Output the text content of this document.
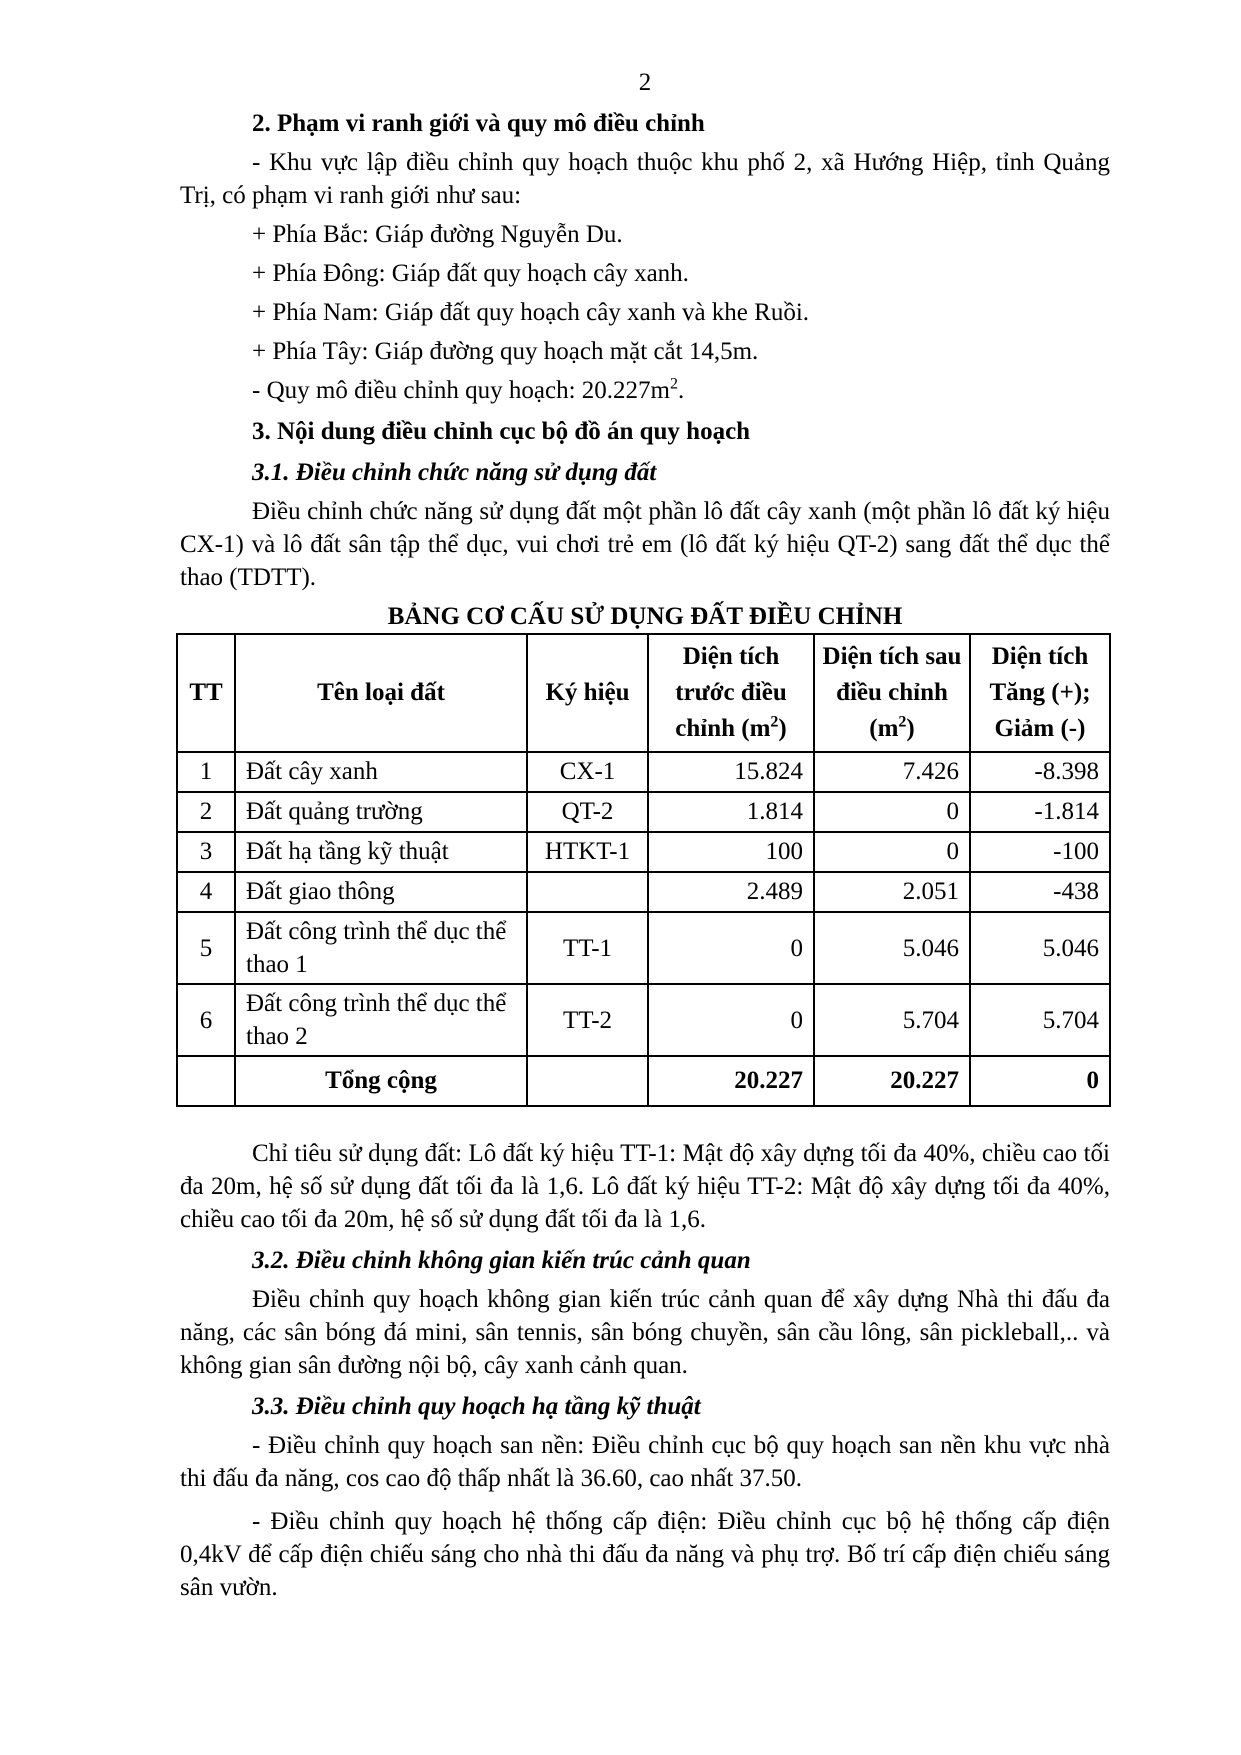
2
2. Phạm vi ranh giới và quy mô điều chỉnh
- Khu vực lập điều chỉnh quy hoạch thuộc khu phố 2, xã Hướng Hiệp, tỉnh Quảng Trị, có phạm vi ranh giới như sau:
+ Phía Bắc: Giáp đường Nguyễn Du.
+ Phía Đông: Giáp đất quy hoạch cây xanh.
+ Phía Nam: Giáp đất quy hoạch cây xanh và khe Ruồi.
+ Phía Tây: Giáp đường quy hoạch mặt cắt 14,5m.
- Quy mô điều chỉnh quy hoạch: $20.227m^2$.
3. Nội dung điều chỉnh cục bộ đồ án quy hoạch
3.1. Điều chỉnh chức năng sử dụng đất
Điều chỉnh chức năng sử dụng đất một phần lô đất cây xanh (một phần lô đất ký hiệu CX-1) và lô đất sân tập thể dục, vui chơi trẻ em (lô đất ký hiệu QT-2) sang đất thể dục thể thao (TDTT).
BẢNG CƠ CẤU SỬ DỤNG ĐẤT ĐIỀU CHỈNH
TT	Tên loại đất	Ký hiệu	Diện tích trước điều chỉnh $(m^2)$	Diện tích sau điều chỉnh $(m^2)$	Diện tích Tăng (+); Giảm (-)
1	Đất cây xanh	CX-1	15.824	7.426	-8.398
2	Đất quảng trường	QT-2	1.814	0	-1.814
3	Đất hạ tầng kỹ thuật	HTKT-1	100	0	-100
4	Đất giao thông		2.489	2.051	-438
5	Đất công trình thể dục thể thao 1	TT-1	0	5.046	5.046
6	Đất công trình thể dục thể thao 2	TT-2	0	5.704	5.704
	Tổng cộng		20.227	20.227	0
Chỉ tiêu sử dụng đất: Lô đất ký hiệu TT-1: Mật độ xây dựng tối đa 40%, chiều cao tối đa 20m, hệ số sử dụng đất tối đa là 1,6. Lô đất ký hiệu TT-2: Mật độ xây dựng tối đa 40%, chiều cao tối đa 20m, hệ số sử dụng đất tối đa là 1,6.
3.2. Điều chỉnh không gian kiến trúc cảnh quan
Điều chỉnh quy hoạch không gian kiến trúc cảnh quan để xây dựng Nhà thi đấu đa năng, các sân bóng đá mini, sân tennis, sân bóng chuyền, sân cầu lông, sân pickleball,.. và không gian sân đường nội bộ, cây xanh cảnh quan.
3.3. Điều chỉnh quy hoạch hạ tầng kỹ thuật
- Điều chỉnh quy hoạch san nền: Điều chỉnh cục bộ quy hoạch san nền khu vực nhà thi đấu đa năng, cos cao độ thấp nhất là 36.60, cao nhất 37.50.
- Điều chỉnh quy hoạch hệ thống cấp điện: Điều chỉnh cục bộ hệ thống cấp điện 0,4kV để cấp điện chiếu sáng cho nhà thi đấu đa năng và phụ trợ. Bố trí cấp điện chiếu sáng sân vườn.
